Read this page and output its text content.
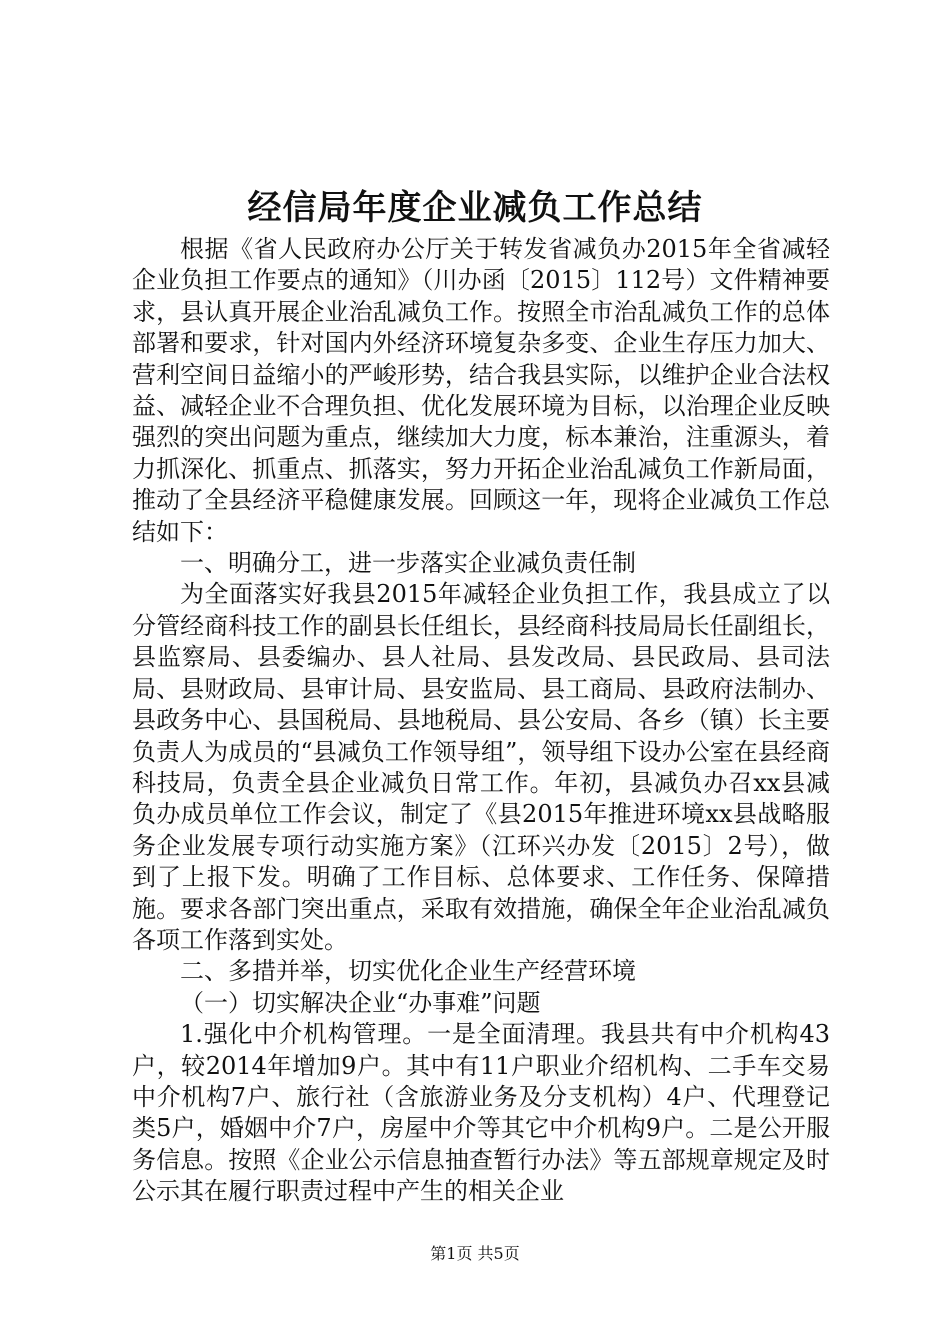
经信局年度企业减负工作总结

根据《省人民政府办公厅关于转发省减负办2015年全省减轻企业负担工作要点的通知》（川办函〔2015〕112号）文件精神要求，县认真开展企业治乱减负工作。按照全市治乱减负工作的总体部署和要求，针对国内外经济环境复杂多变、企业生存压力加大、营利空间日益缩小的严峻形势，结合我县实际，以维护企业合法权益、减轻企业不合理负担、优化发展环境为目标，以治理企业反映强烈的突出问题为重点，继续加大力度，标本兼治，注重源头，着力抓深化、抓重点、抓落实，努力开拓企业治乱减负工作新局面，推动了全县经济平稳健康发展。回顾这一年，现将企业减负工作总结如下：

一、明确分工，进一步落实企业减负责任制

为全面落实好我县2015年减轻企业负担工作，我县成立了以分管经商科技工作的副县长任组长，县经商科技局局长任副组长，县监察局、县委编办、县人社局、县发改局、县民政局、县司法局、县财政局、县审计局、县安监局、县工商局、县政府法制办、县政务中心、县国税局、县地税局、县公安局、各乡（镇）长主要负责人为成员的“县减负工作领导组”，领导组下设办公室在县经商科技局，负责全县企业减负日常工作。年初，县减负办召xx县减负办成员单位工作会议，制定了《县2015年推进环境xx县战略服务企业发展专项行动实施方案》（江环兴办发〔2015〕2号），做到了上报下发。明确了工作目标、总体要求、工作任务、保障措施。要求各部门突出重点，采取有效措施，确保全年企业治乱减负各项工作落到实处。

二、多措并举，切实优化企业生产经营环境

（一）切实解决企业“办事难”问题

1.强化中介机构管理。一是全面清理。我县共有中介机构43户，较2014年增加9户。其中有11户职业介绍机构、二手车交易中介机构7户、旅行社（含旅游业务及分支机构）4户、代理登记类5户，婚姻中介7户，房屋中介等其它中介机构9户。二是公开服务信息。按照《企业公示信息抽查暂行办法》等五部规章规定及时公示其在履行职责过程中产生的相关企业

第1页 共5页
